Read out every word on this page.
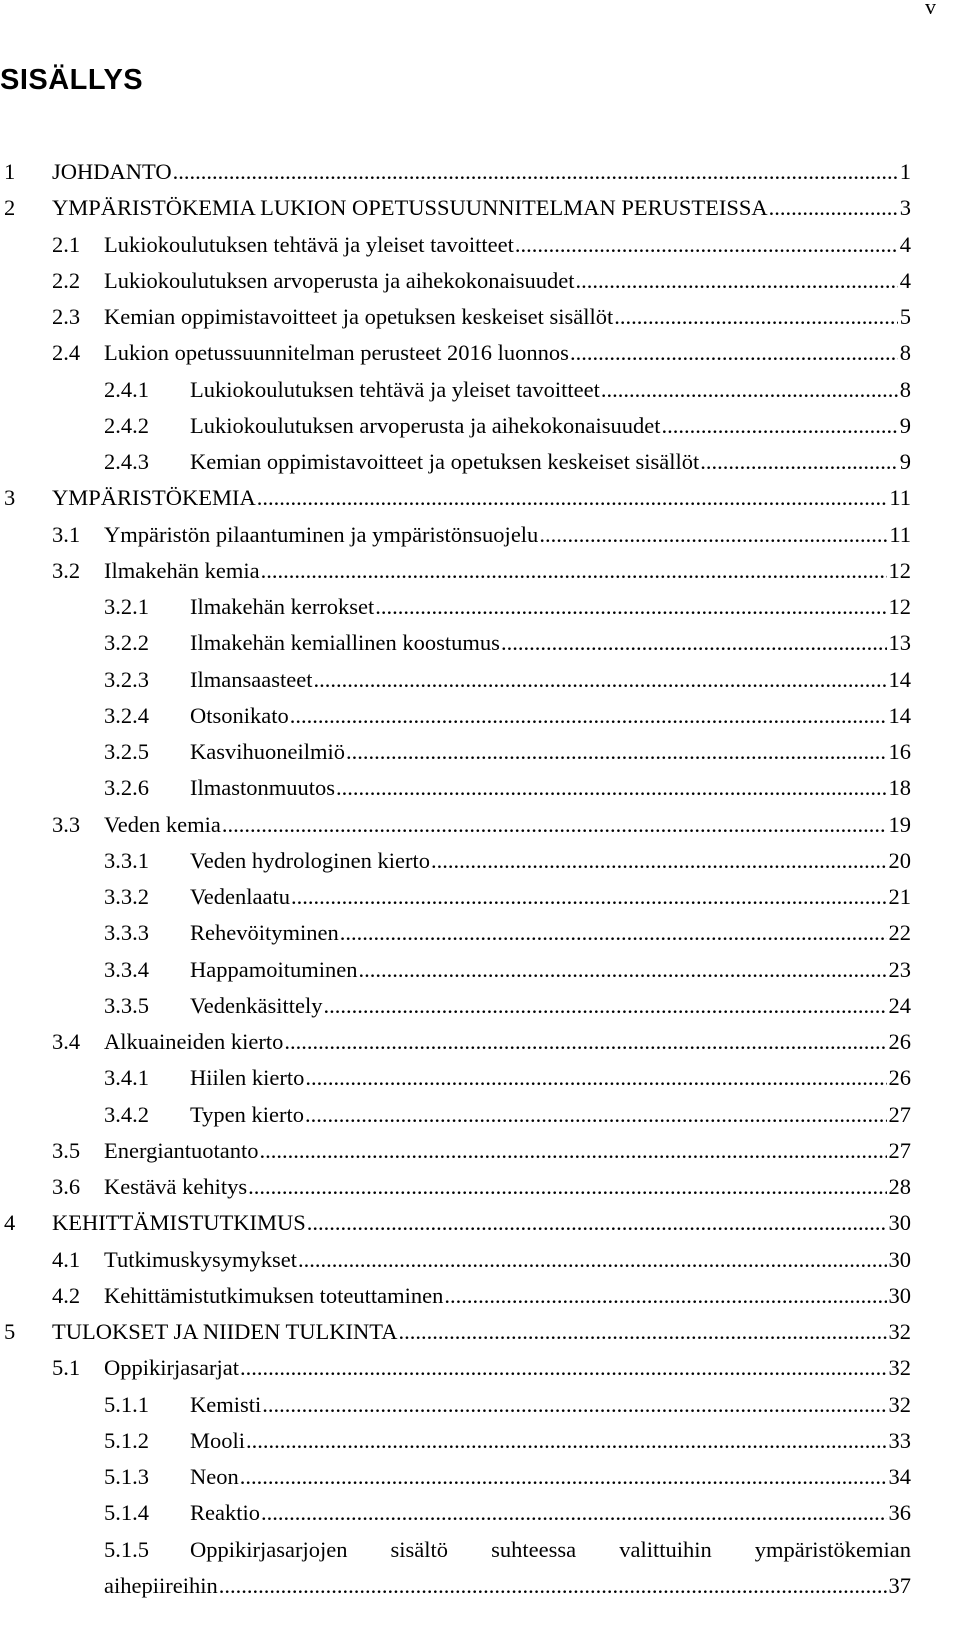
v
SISÄLLYS
1 JOHDANTO .....	1
2 YMPÄRISTÖKEMIA LUKION OPETUSSUUNNITELMAN PERUSTEISSA .....	3
2.1 Lukiokoulutuksen tehtävä ja yleiset tavoitteet .....	4
2.2 Lukiokoulutuksen arvoperusta ja aihekokonaisuudet .....	4
2.3 Kemian oppimistavoitteet ja opetuksen keskeiset sisällöt .....	5
2.4 Lukion opetussuunnitelman perusteet 2016 luonnos .....	8
2.4.1 Lukiokoulutuksen tehtävä ja yleiset tavoitteet .....	8
2.4.2 Lukiokoulutuksen arvoperusta ja aihekokonaisuudet .....	9
2.4.3 Kemian oppimistavoitteet ja opetuksen keskeiset sisällöt .....	9
3 YMPÄRISTÖKEMIA .....	11
3.1 Ympäristön pilaantuminen ja ympäristönsuojelu .....	11
3.2 Ilmakehän kemia .....	12
3.2.1 Ilmakehän kerrokset .....	12
3.2.2 Ilmakehän kemiallinen koostumus .....	13
3.2.3 Ilmansaasteet .....	14
3.2.4 Otsonikato .....	14
3.2.5 Kasvihuoneilmiö .....	16
3.2.6 Ilmastonmuutos .....	18
3.3 Veden kemia .....	19
3.3.1 Veden hydrologinen kierto .....	20
3.3.2 Vedenlaatu .....	21
3.3.3 Rehevöityminen .....	22
3.3.4 Happamoituminen .....	23
3.3.5 Vedenkäsittely .....	24
3.4 Alkuaineiden kierto .....	26
3.4.1 Hiilen kierto .....	26
3.4.2 Typen kierto .....	27
3.5 Energiantuotanto .....	27
3.6 Kestävä kehitys .....	28
4 KEHITTÄMISTUTKIMUS .....	30
4.1 Tutkimuskysymykset .....	30
4.2 Kehittämistutkimuksen toteuttaminen .....	30
5 TULOKSET JA NIIDEN TULKINTA .....	32
5.1 Oppikirjasarjat .....	32
5.1.1 Kemisti .....	32
5.1.2 Mooli .....	33
5.1.3 Neon .....	34
5.1.4 Reaktio .....	36
5.1.5 Oppikirjasarjojen sisältö suhteessa valittuihin ympäristökemian
aihepiireihin .....	37
